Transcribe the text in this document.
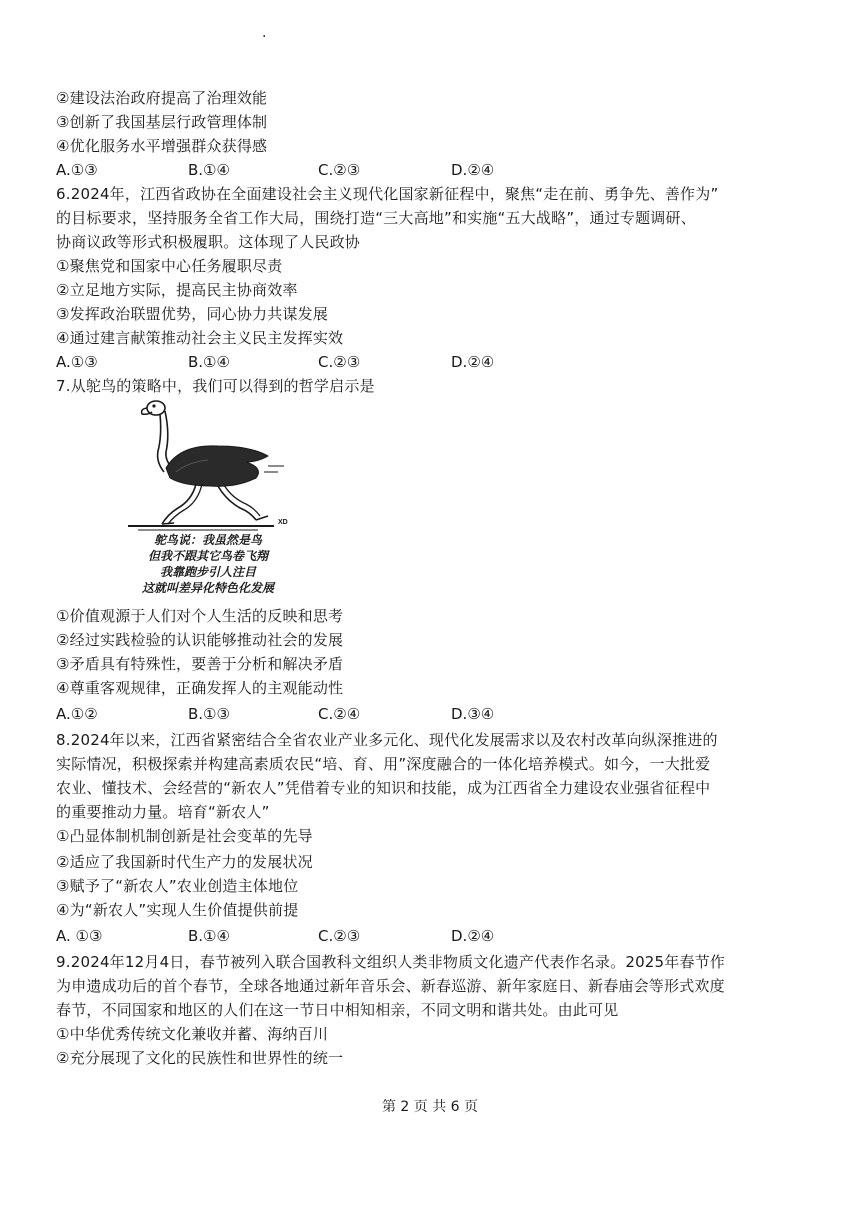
.
②建设法治政府提高了治理效能
③创新了我国基层行政管理体制
④优化服务水平增强群众获得感
A.①③	B.①④	C.②③	D.②④
6.2024年，江西省政协在全面建设社会主义现代化国家新征程中，聚焦“走在前、勇争先、善作为”
的目标要求，坚持服务全省工作大局，围绕打造“三大高地”和实施“五大战略”，通过专题调研、
协商议政等形式积极履职。这体现了人民政协
①聚焦党和国家中心任务履职尽责
②立足地方实际，提高民主协商效率
③发挥政治联盟优势，同心协力共谋发展
④通过建言献策推动社会主义民主发挥实效
A.①③	B.①④	C.②③	D.②④
7.从鸵鸟的策略中，我们可以得到的哲学启示是
XD
鸵鸟说：我虽然是鸟
但我不跟其它鸟卷飞翔
我靠跑步引人注目
这就叫差异化特色化发展
①价值观源于人们对个人生活的反映和思考
②经过实践检验的认识能够推动社会的发展
③矛盾具有特殊性，要善于分析和解决矛盾
④尊重客观规律，正确发挥人的主观能动性
A.①②	B.①③	C.②④	D.③④
8.2024年以来，江西省紧密结合全省农业产业多元化、现代化发展需求以及农村改革向纵深推进的
实际情况，积极探索并构建高素质农民“培、育、用”深度融合的一体化培养模式。如今，一大批爱
农业、懂技术、会经营的“新农人”凭借着专业的知识和技能，成为江西省全力建设农业强省征程中
的重要推动力量。培育“新农人”
①凸显体制机制创新是社会变革的先导
②适应了我国新时代生产力的发展状况
③赋予了“新农人”农业创造主体地位
④为“新农人”实现人生价值提供前提
A. ①③	B.①④	C.②③	D.②④
9.2024年12月4日，春节被列入联合国教科文组织人类非物质文化遗产代表作名录。2025年春节作
为申遗成功后的首个春节，全球各地通过新年音乐会、新春巡游、新年家庭日、新春庙会等形式欢度
春节，不同国家和地区的人们在这一节日中相知相亲，不同文明和谐共处。由此可见
①中华优秀传统文化兼收并蓄、海纳百川
②充分展现了文化的民族性和世界性的统一
第 2 页 共 6 页
